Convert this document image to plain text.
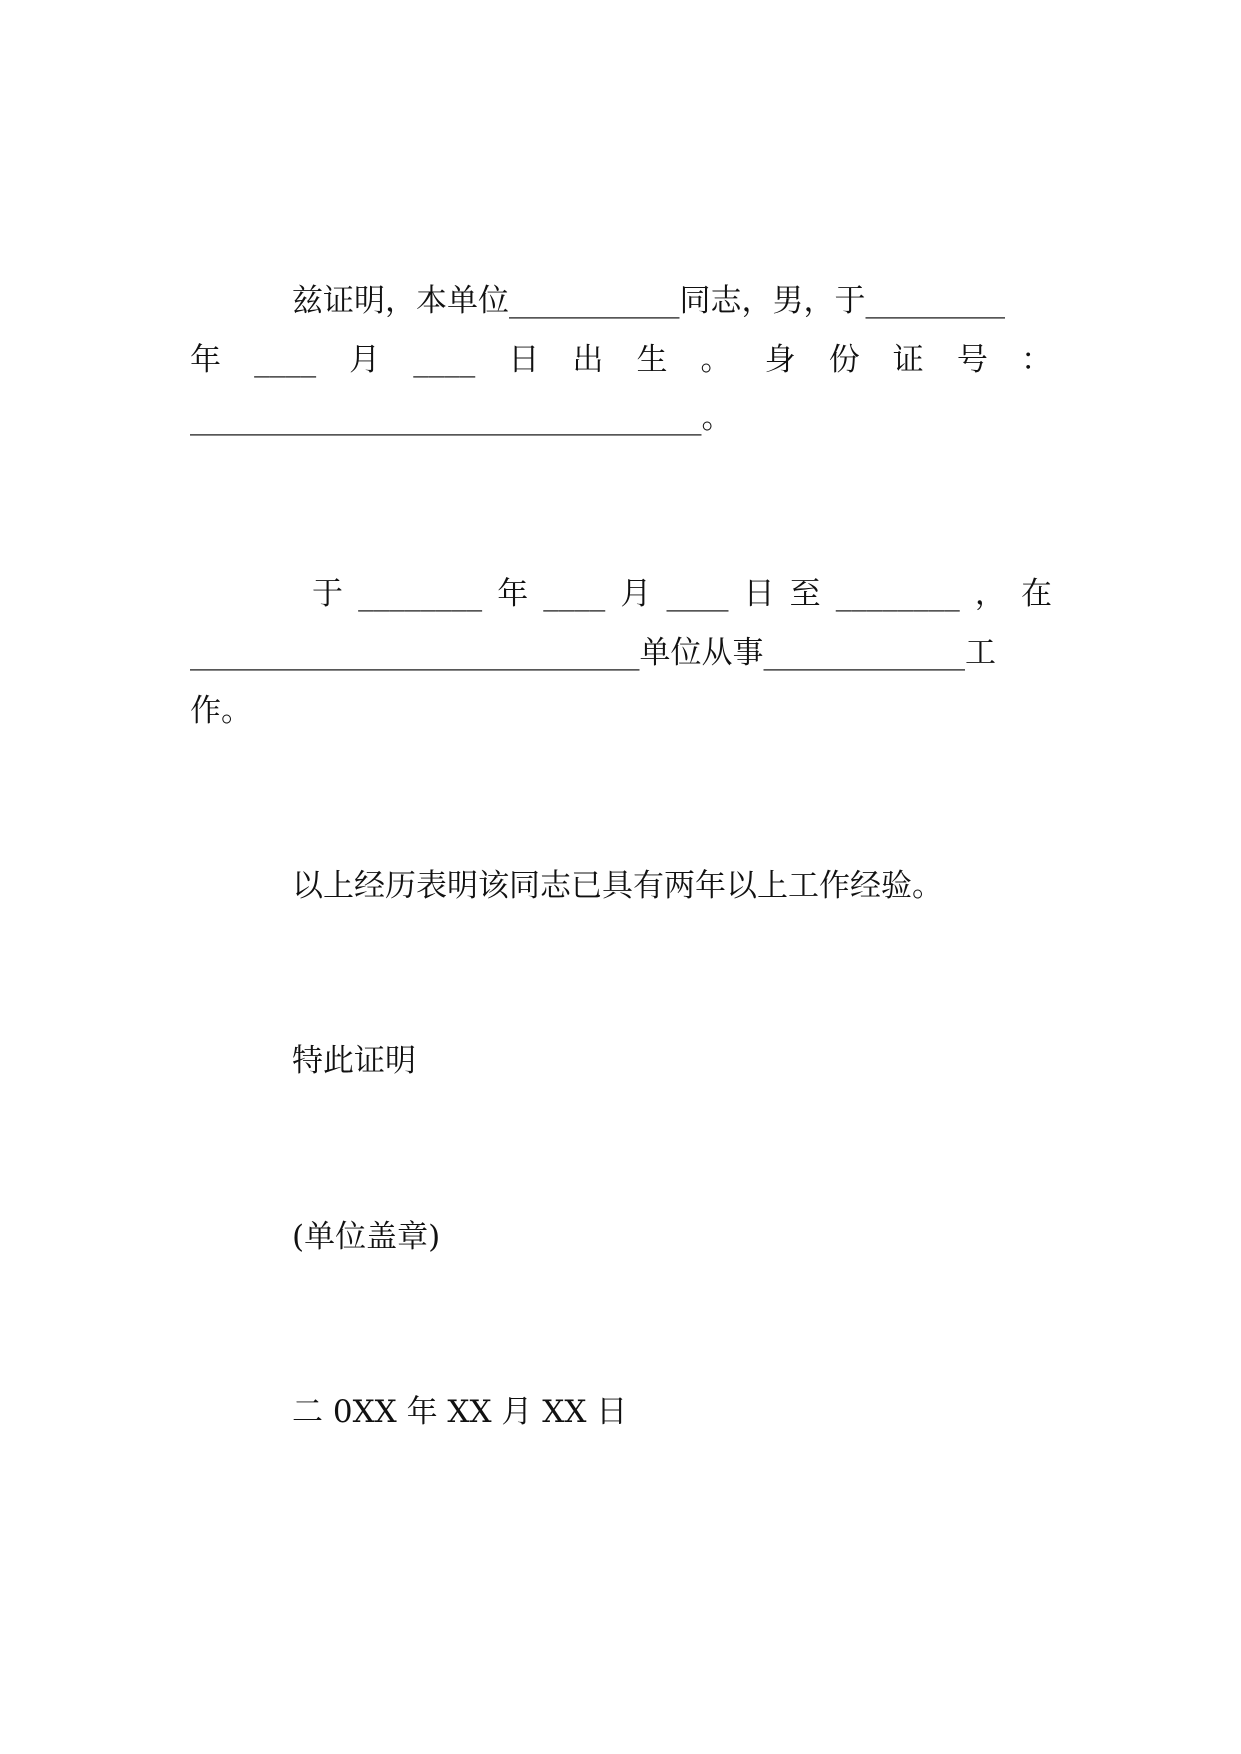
兹证明，本单位___________同志，男，于_________
年 ____ 月 ____ 日 出 生 。 身 份 证 号 ：
_________________________________。
于 ________ 年 ____ 月 ____ 日 至 ________ ， 在
_____________________________单位从事_____________工
作。
以上经历表明该同志已具有两年以上工作经验。
特此证明
(单位盖章)
二 0XX 年 XX 月 XX 日
